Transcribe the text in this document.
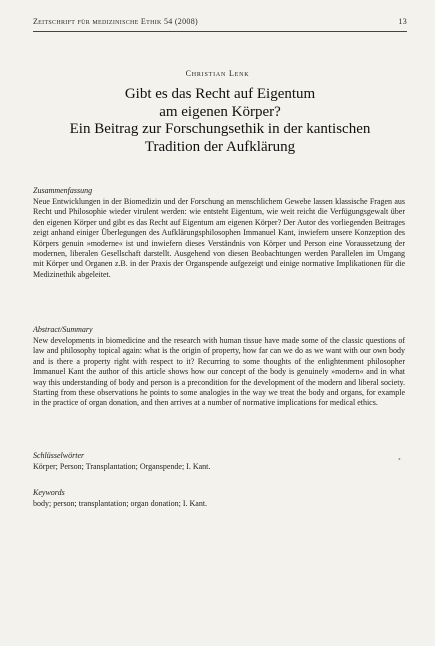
Zeitschrift für medizinische Ethik 54 (2008)	13
Christian Lenk
Gibt es das Recht auf Eigentum
am eigenen Körper?
Ein Beitrag zur Forschungsethik in der kantischen
Tradition der Aufklärung
Zusammenfassung
Neue Entwicklungen in der Biomedizin und der Forschung an menschlichem Gewebe lassen klassische Fragen aus Recht und Philosophie wieder virulent werden: wie entsteht Eigentum, wie weit reicht die Verfügungsgewalt über den eigenen Körper und gibt es das Recht auf Eigentum am eigenen Körper? Der Autor des vorliegenden Beitrages zeigt anhand einiger Überlegungen des Aufklärungsphilosophen Immanuel Kant, inwiefern unsere Konzeption des Körpers genuin »moderne« ist und inwiefern dieses Verständnis von Körper und Person eine Voraussetzung der modernen, liberalen Gesellschaft darstellt. Ausgehend von diesen Beobachtungen werden Parallelen im Umgang mit Körper und Organen z.B. in der Praxis der Organspende aufgezeigt und einige normative Implikationen für die Medizinethik abgeleitet.
Abstract/Summary
New developments in biomedicine and the research with human tissue have made some of the classic questions of law and philosophy topical again: what is the origin of property, how far can we do as we want with our own body and is there a property right with respect to it? Recurring to some thoughts of the enlightenment philosopher Immanuel Kant the author of this article shows how our concept of the body is genuinely »modern« and in what way this understanding of body and person is a precondition for the development of the modern and liberal society. Starting from these observations he points to some analogies in the way we treat the body and organs, for example in the practice of organ donation, and then arrives at a number of normative implications for medical ethics.
Schlüsselwörter
Körper; Person; Transplantation; Organspende; I. Kant.
Keywords
body; person; transplantation; organ donation; I. Kant.
•
